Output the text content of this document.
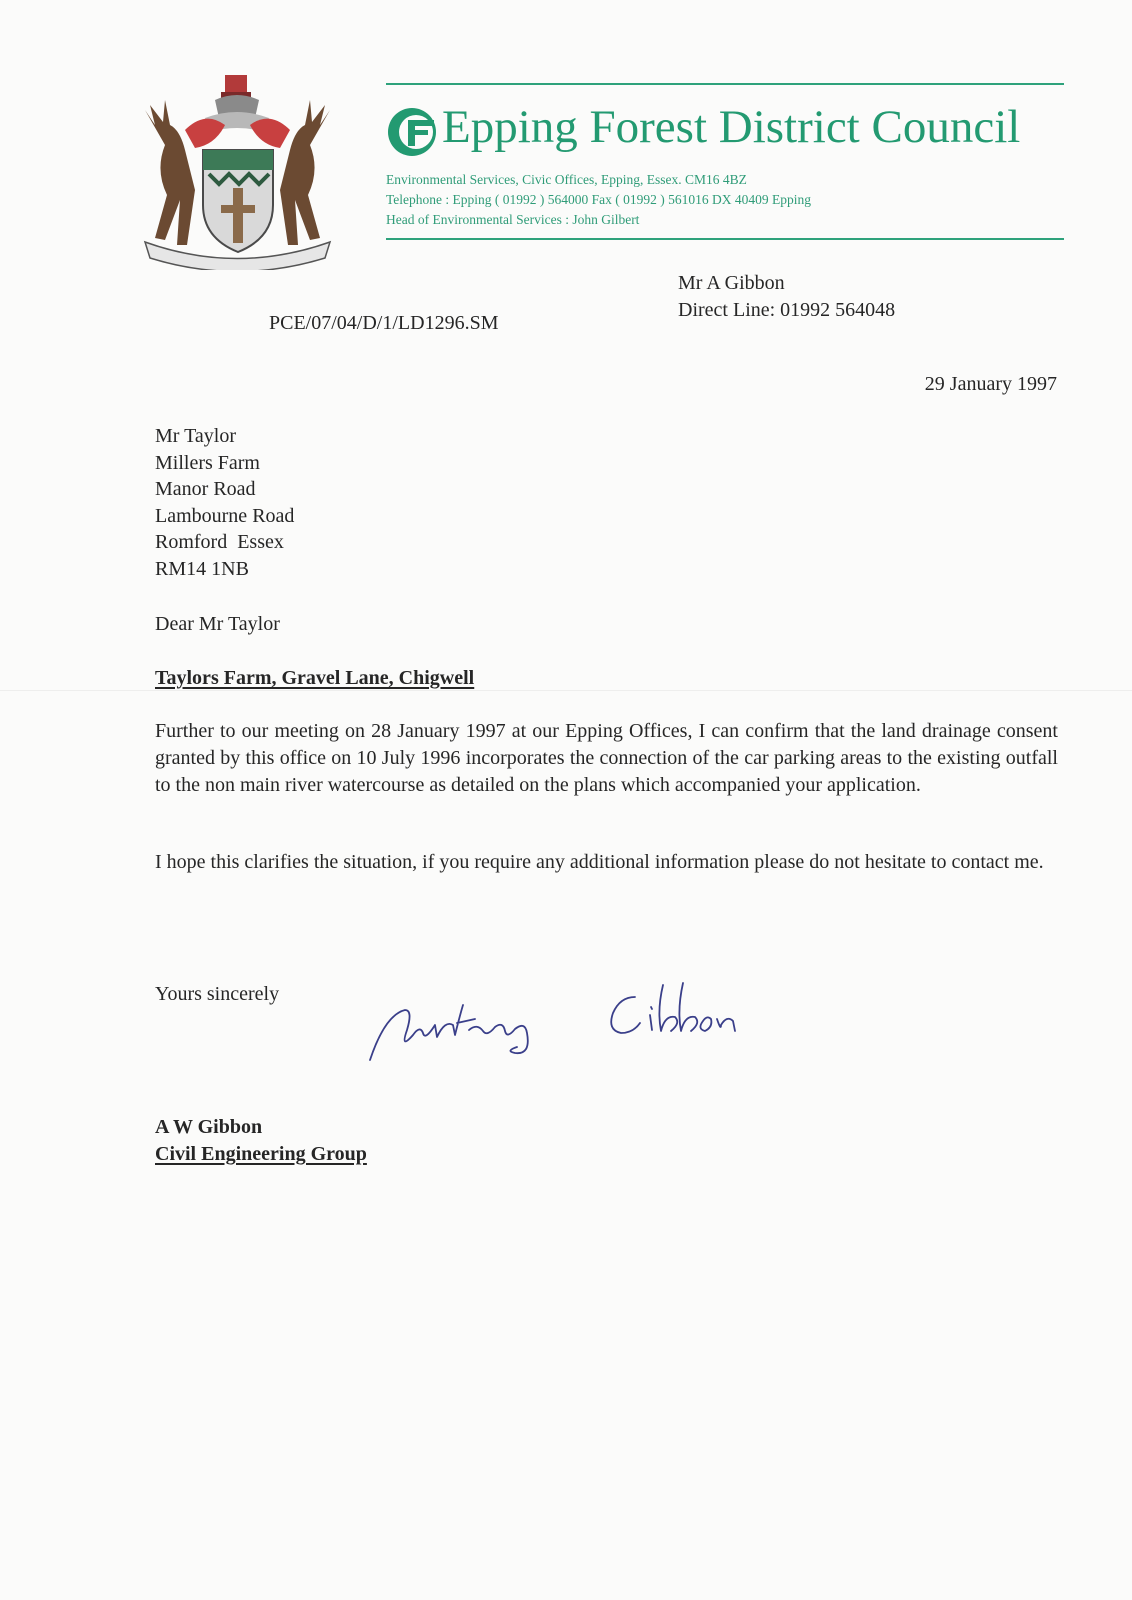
Epping Forest District Council
Environmental Services, Civic Offices, Epping, Essex. CM16 4BZ
Telephone : Epping ( 01992 ) 564000 Fax ( 01992 ) 561016 DX 40409 Epping
Head of Environmental Services : John Gilbert
Mr A Gibbon
Direct Line: 01992 564048
PCE/07/04/D/1/LD1296.SM
29 January 1997
Mr Taylor
Millers Farm
Manor Road
Lambourne Road
Romford  Essex
RM14 1NB
Dear Mr Taylor
Taylors Farm, Gravel Lane, Chigwell
Further to our meeting on 28 January 1997 at our Epping Offices, I can confirm that the land drainage consent granted by this office on 10 July 1996 incorporates the connection of the car parking areas to the existing outfall to the non main river watercourse as detailed on the plans which accompanied your application.
I hope this clarifies the situation, if you require any additional information please do not hesitate to contact me.
Yours sincerely
A W Gibbon
Civil Engineering Group
